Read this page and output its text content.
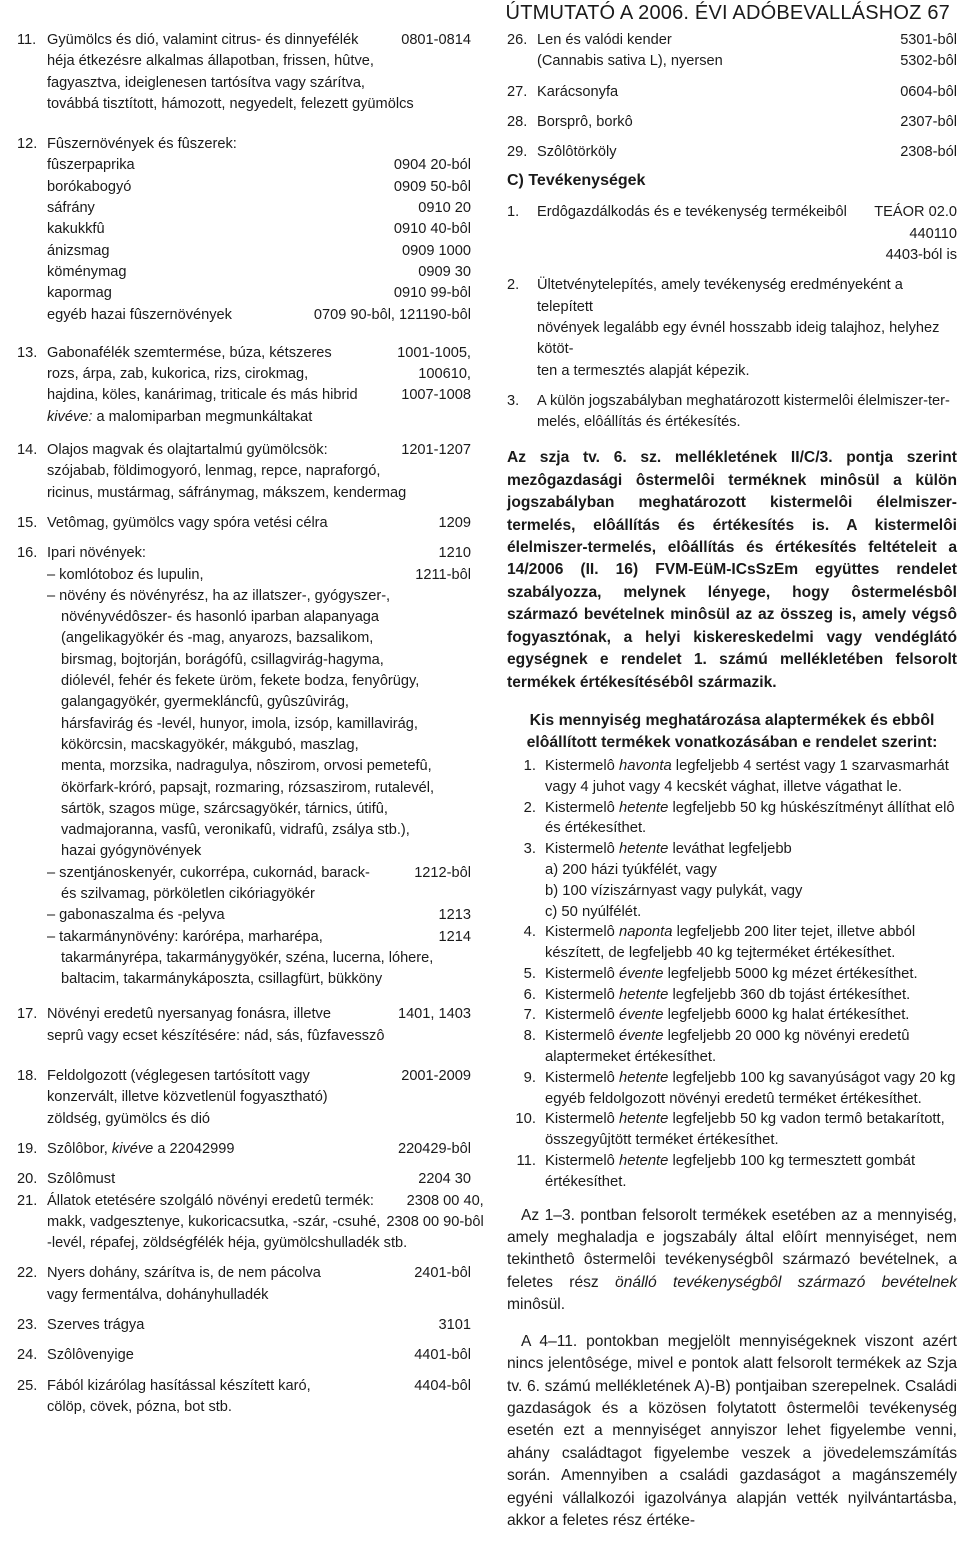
ÚTMUTATÓ A 2006. ÉVI ADÓBEVALLÁSHOZ 67
11. Gyümölcs és dió, valamint citrus- és dinnyefélék	0801-0814
héja étkezésre alkalmas állapotban, frissen, hûtve,
fagyasztva, ideiglenesen tartósítva vagy szárítva,
továbbá tisztított, hámozott, negyedelt, felezett gyümölcs
12. Fûszernövények és fûszerek:
fûszerpaprika	0904 20-ból
borókabogyó	0909 50-bôl
sáfrány	0910 20
kakukkfû	0910 40-bôl
ánizsmag	0909 1000
köménymag	0909 30
kapormag	0910 99-bôl
egyéb hazai fûszernövények	0709 90-bôl, 121190-bôl
13. Gabonafélék szemtermése, búza, kétszeres	1001-1005,
rozs, árpa, zab, kukorica, rizs, cirokmag,	100610,
hajdina, köles, kanárimag, triticale és más hibrid	1007-1008
kivéve: a malomiparban megmunkáltakat
14. Olajos magvak és olajtartalmú gyümölcsök:	1201-1207
szójabab, földimogyoró, lenmag, repce, napraforgó,
ricinus, mustármag, sáfránymag, mákszem, kendermag
15. Vetômag, gyümölcs vagy spóra vetési célra	1209
16. Ipari növények:	1210
– komlótoboz és lupulin,	1211-bôl
– növény és növényrész, ha az illatszer-, gyógyszer-,
növényvédôszer- és hasonló iparban alapanyaga
(angelikagyökér és -mag, anyarozs, bazsalikom,
birsmag, bojtorján, borágófû, csillagvirág-hagyma,
diólevél, fehér és fekete üröm, fekete bodza, fenyôrügy,
galangagyökér, gyermekláncfû, gyûszûvirág,
hársfavirág és -levél, hunyor, imola, izsóp, kamillavirág,
kökörcsin, macskagyökér, mákgubó, maszlag,
menta, morzsika, nadragulya, nôszirom, orvosi pemetefû,
ökörfark-króró, papsajt, rozmaring, rózsaszirom, rutalevél,
sártök, szagos müge, szárcsagyökér, tárnics, útifû,
vadmajoranna, vasfû, veronikafû, vidrafû, zsálya stb.),
hazai gyógynövények
– szentjánoskenyér, cukorrépa, cukornád, barack-	1212-bôl
és szilvamag, pörköletlen cikóriagyökér
– gabonaszalma és -pelyva	1213
– takarmánynövény: karórépa, marharépa,	1214
takarmányrépa, takarmánygyökér, széna, lucerna, lóhere,
baltacim, takarmánykáposzta, csillagfürt, bükköny
17. Növényi eredetû nyersanyag fonásra, illetve	1401, 1403
seprû vagy ecset készítésére: nád, sás, fûzfavesszô
18. Feldolgozott (véglegesen tartósított vagy	2001-2009
konzervált, illetve közvetlenül fogyasztható)
zöldség, gyümölcs és dió
19. Szôlôbor, kivéve a 22042999	220429-bôl
20. Szôlômust	2204 30
21. Állatok etetésére szolgáló növényi eredetû termék:	2308 00 40,
makk, vadgesztenye, kukoricacsutka, -szár, -csuhé, 2308 00 90-bôl
-levél, répafej, zöldségfélék héja, gyümölcshulladék stb.
22. Nyers dohány, szárítva is, de nem pácolva	2401-bôl
vagy fermentálva, dohányhulladék
23. Szerves trágya	3101
24. Szôlôvenyige	4401-bôl
25. Fából kizárólag hasítással készített karó,	4404-bôl
cölöp, cövek, pózna, bot stb.
26. Len és valódi kender	5301-bôl
(Cannabis sativa L), nyersen	5302-bôl
27. Karácsonyfa	0604-bôl
28. Borsprô, borkô	2307-bôl
29. Szôlôtörköly	2308-ból
C) Tevékenységek
1.	Erdôgazdálkodás és e tevékenység termékeibôl	TEÁOR 02.0
440110
4403-ból is
2.	Ültetvénytelepítés, amely tevékenység eredményeként a telepített
növények legalább egy évnél hosszabb ideig talajhoz, helyhez kötöt-
ten a termesztés alapját képezik.
3.	A külön jogszabályban meghatározott kistermelôi élelmiszer-ter-
melés, elôállítás és értékesítés.
Az szja tv. 6. sz. mellékletének II/C/3. pontja szerint mezôgazdasági ôstermelôi terméknek minôsül a külön jogszabályban meghatározott kistermelôi élelmiszer-termelés, elôállítás és értékesítés is. A kistermelôi élelmiszer-termelés, elôállítás és értékesítés feltételeit a 14/2006 (II. 16) FVM-EüM-ICsSzEm együttes rendelet szabályozza, melynek lényege, hogy ôstermelésbôl származó bevételnek minôsül az az összeg is, amely végsô fogyasztónak, a helyi kiskereskedelmi vagy vendéglátó egységnek e rendelet 1. számú mellékletében felsorolt termékek értékesítésébôl származik.
Kis mennyiség meghatározása alaptermékek és ebbôl elôállított termékek vonatkozásában e rendelet szerint:
1. Kistermelô havonta legfeljebb 4 sertést vagy 1 szarvasmarhát vagy 4 juhot vagy 4 kecskét vághat, illetve vágathat le.
2. Kistermelô hetente legfeljebb 50 kg húskészítményt állíthat elô és értékesíthet.
3. Kistermelô hetente leváthat legfeljebb
a) 200 házi tyúkfélét, vagy
b) 100 víziszárnyast vagy pulykát, vagy
c) 50 nyúlfélét.
4. Kistermelô naponta legfeljebb 200 liter tejet, illetve abból készített, de legfeljebb 40 kg tejterméket értékesíthet.
5. Kistermelô évente legfeljebb 5000 kg mézet értékesíthet.
6. Kistermelô hetente legfeljebb 360 db tojást értékesíthet.
7. Kistermelô évente legfeljebb 6000 kg halat értékesíthet.
8. Kistermelô évente legfeljebb 20 000 kg növényi eredetû alaptermeket értékesíthet.
9. Kistermelô hetente legfeljebb 100 kg savanyúságot vagy 20 kg egyéb feldolgozott növényi eredetû terméket értékesíthet.
10. Kistermelô hetente legfeljebb 50 kg vadon termô betakarított, összegyûjtött terméket értékesíthet.
11. Kistermelô hetente legfeljebb 100 kg termesztett gombát értékesíthet.

Az 1–3. pontban felsorolt termékek esetében az a mennyiség, amely meghaladja e jogszabály által elôírt mennyiséget, nem tekinthetô ôstermelôi tevékenységbôl származó bevételnek, a feletes rész önálló tevékenységbôl származó bevételnek minôsül.

A 4–11. pontokban megjelölt mennyiségeknek viszont azért nincs jelentôsége, mivel e pontok alatt felsorolt termékek az Szja tv. 6. számú mellékletének A)-B) pontjaiban szerepelnek. Családi gazdaságok és a közösen folytatott ôstermelôi tevékenység esetén ezt a mennyiséget annyiszor lehet figyelembe venni, ahány családtagot figyelembe veszek a jövedelemszámítás során. Amennyiben a családi gazdaságot a magánszemély egyéni vállalkozói igazolványa alapján vették nyilvántartásba, akkor a feletes rész értéke-
